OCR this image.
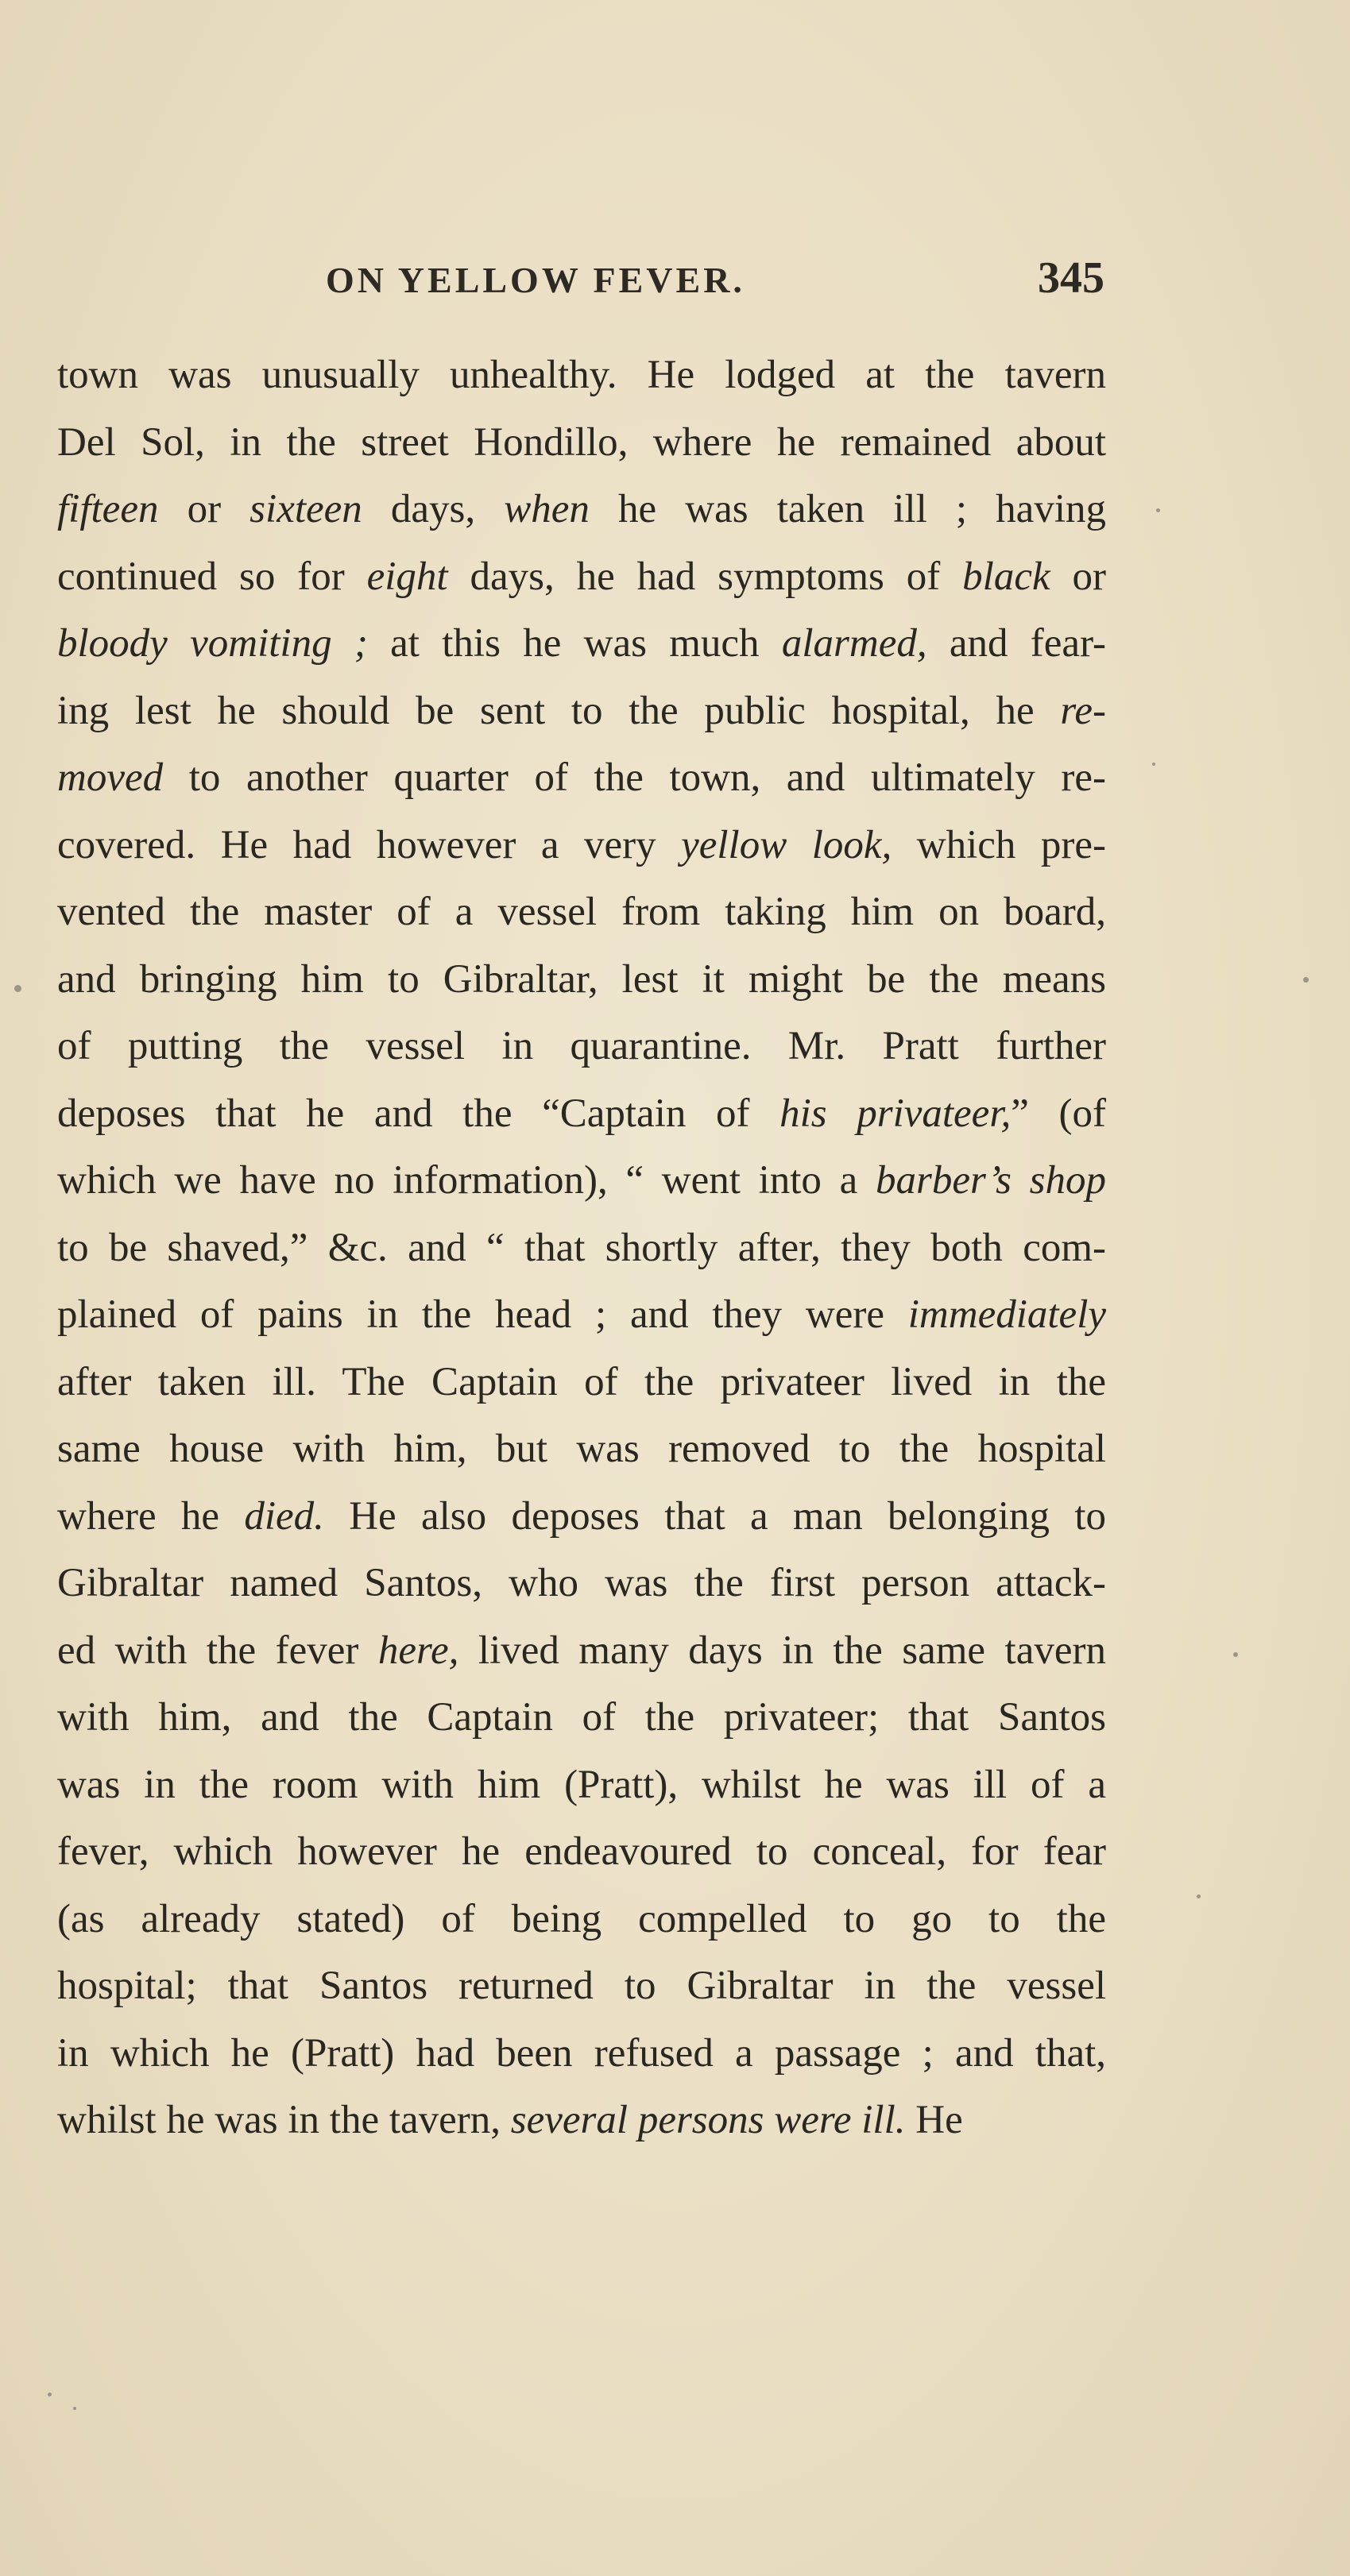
ON YELLOW FEVER.	345
town was unusually unhealthy. He lodged at the tavern
Del Sol, in the street Hondillo, where he remained about
fifteen or sixteen days, when he was taken ill ; having
continued so for eight days, he had symptoms of black or
bloody vomiting ; at this he was much alarmed, and fear-
ing lest he should be sent to the public hospital, he re-
moved to another quarter of the town, and ultimately re-
covered. He had however a very yellow look, which pre-
vented the master of a vessel from taking him on board,
and bringing him to Gibraltar, lest it might be the means
of putting the vessel in quarantine. Mr. Pratt further
deposes that he and the “Captain of his privateer,” (of
which we have no information), “ went into a barber’s shop
to be shaved,” &c. and “ that shortly after, they both com-
plained of pains in the head ; and they were immediately
after taken ill. The Captain of the privateer lived in the
same house with him, but was removed to the hospital
where he died. He also deposes that a man belonging to
Gibraltar named Santos, who was the first person attack-
ed with the fever here, lived many days in the same tavern
with him, and the Captain of the privateer; that Santos
was in the room with him (Pratt), whilst he was ill of a
fever, which however he endeavoured to conceal, for fear
(as already stated) of being compelled to go to the
hospital; that Santos returned to Gibraltar in the vessel
in which he (Pratt) had been refused a passage ; and that,
whilst he was in the tavern, several persons were ill. He
